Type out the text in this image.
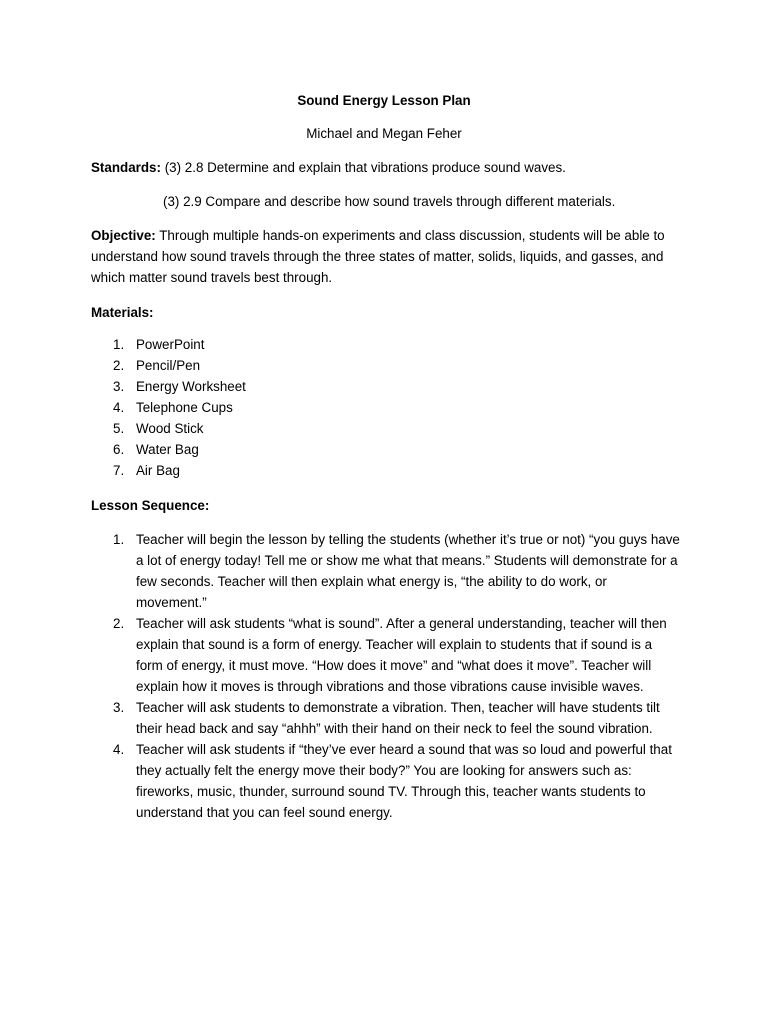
Sound Energy Lesson Plan
Michael and Megan Feher

Standards: (3) 2.8 Determine and explain that vibrations produce sound waves.

(3) 2.9 Compare and describe how sound travels through different materials.

Objective: Through multiple hands-on experiments and class discussion, students will be able to understand how sound travels through the three states of matter, solids, liquids, and gasses, and which matter sound travels best through.

Materials:

1. PowerPoint
2. Pencil/Pen
3. Energy Worksheet
4. Telephone Cups
5. Wood Stick
6. Water Bag
7. Air Bag

Lesson Sequence:

1. Teacher will begin the lesson by telling the students (whether it’s true or not) “you guys have a lot of energy today! Tell me or show me what that means.” Students will demonstrate for a few seconds. Teacher will then explain what energy is, “the ability to do work, or movement.”
2. Teacher will ask students “what is sound”. After a general understanding, teacher will then explain that sound is a form of energy. Teacher will explain to students that if sound is a form of energy, it must move. “How does it move” and “what does it move”. Teacher will explain how it moves is through vibrations and those vibrations cause invisible waves.
3. Teacher will ask students to demonstrate a vibration. Then, teacher will have students tilt their head back and say “ahhh” with their hand on their neck to feel the sound vibration.
4. Teacher will ask students if “they’ve ever heard a sound that was so loud and powerful that they actually felt the energy move their body?” You are looking for answers such as: fireworks, music, thunder, surround sound TV. Through this, teacher wants students to understand that you can feel sound energy.
